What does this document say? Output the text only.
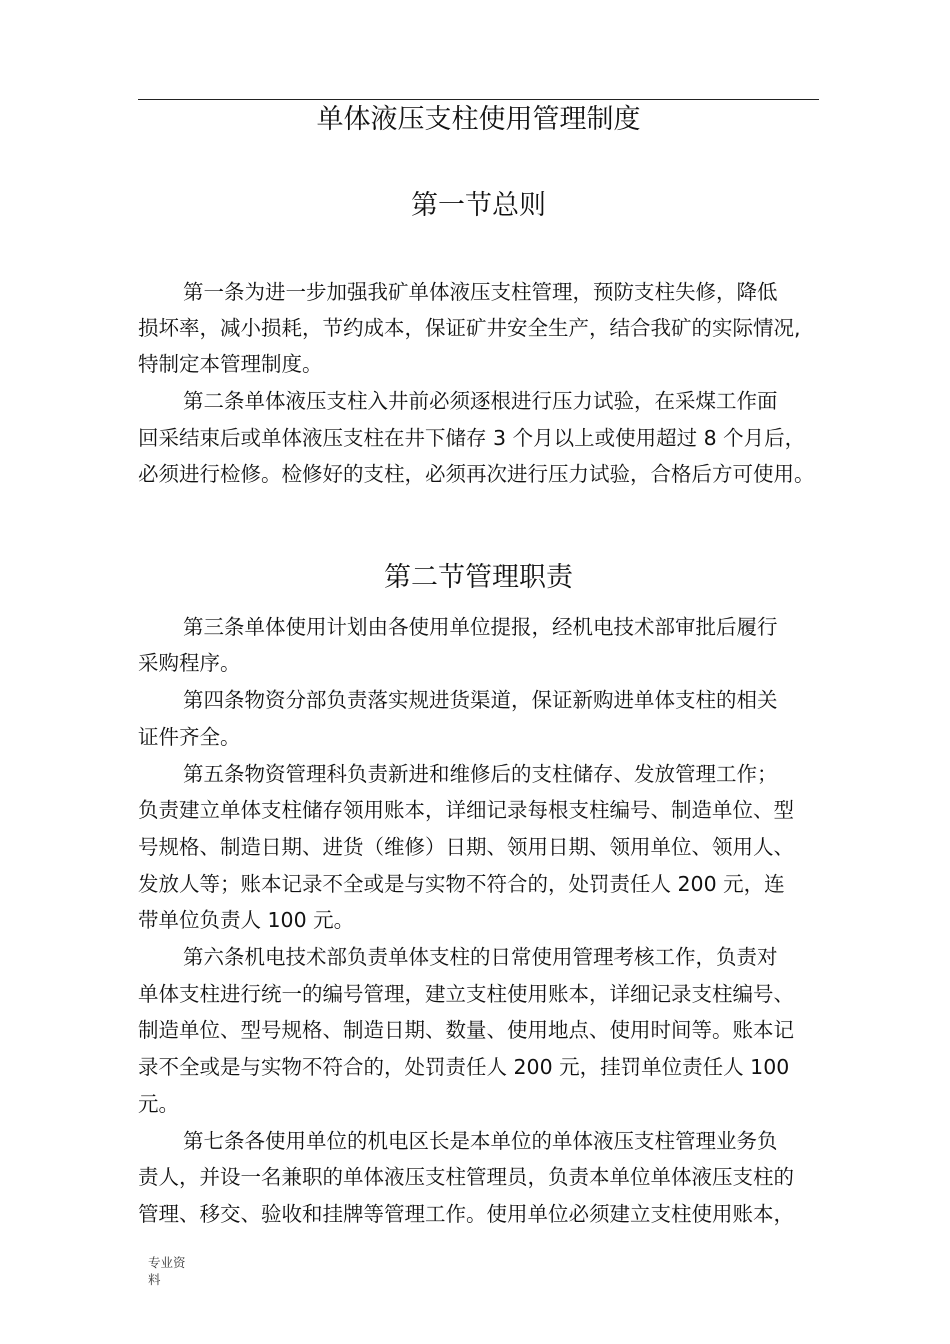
单体液压支柱使用管理制度
第一节总则
第一条为进一步加强我矿单体液压支柱管理，预防支柱失修，降低
损坏率，减小损耗，节约成本，保证矿井安全生产，结合我矿的实际情况,
特制定本管理制度。
第二条单体液压支柱入井前必须逐根进行压力试验，在采煤工作面
回采结束后或单体液压支柱在井下储存 3 个月以上或使用超过 8 个月后，
必须进行检修。检修好的支柱，必须再次进行压力试验，合格后方可使用。
第二节管理职责
第三条单体使用计划由各使用单位提报，经机电技术部审批后履行
采购程序。
第四条物资分部负责落实规进货渠道，保证新购进单体支柱的相关
证件齐全。
第五条物资管理科负责新进和维修后的支柱储存、发放管理工作；
负责建立单体支柱储存领用账本，详细记录每根支柱编号、制造单位、型
号规格、制造日期、进货（维修）日期、领用日期、领用单位、领用人、
发放人等；账本记录不全或是与实物不符合的，处罚责任人 200 元，连
带单位负责人 100 元。
第六条机电技术部负责单体支柱的日常使用管理考核工作，负责对
单体支柱进行统一的编号管理，建立支柱使用账本，详细记录支柱编号、
制造单位、型号规格、制造日期、数量、使用地点、使用时间等。账本记
录不全或是与实物不符合的，处罚责任人 200 元，挂罚单位责任人 100
元。
第七条各使用单位的机电区长是本单位的单体液压支柱管理业务负
责人，并设一名兼职的单体液压支柱管理员，负责本单位单体液压支柱的
管理、移交、验收和挂牌等管理工作。使用单位必须建立支柱使用账本，
专业资
料
